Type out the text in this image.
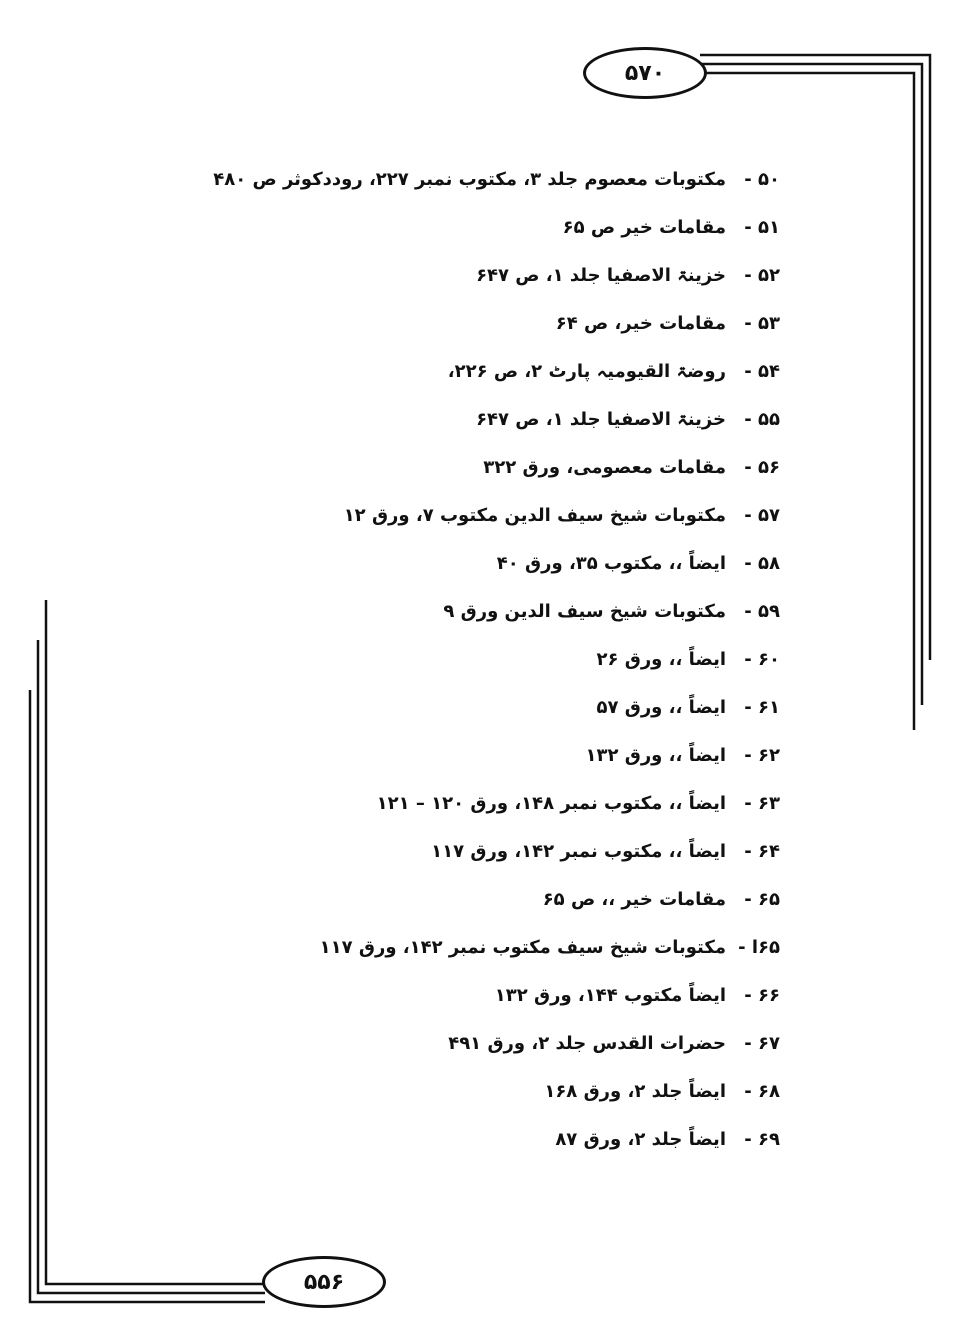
۵۷۰
۵۵۶
۵۰ -مکتوبات معصوم جلد ۳، مکتوب نمبر ۲۲۷، روددکوثر ص ۴۸۰
۵۱ -مقامات خیر ص ۶۵
۵۲ -خزینۃ الاصفیا جلد ۱، ص ۶۴۷
۵۳ -مقامات خیر، ص ۶۴
۵۴ -روضۃ القیومیہ پارٹ ۲، ص ۲۲۶،
۵۵ -خزینۃ الاصفیا جلد ۱، ص ۶۴۷
۵۶ -مقامات معصومی، ورق ۳۲۲
۵۷ -مکتوبات شیخ سیف الدین مکتوب ۷، ورق ۱۲
۵۸ -ایضاً ،، مکتوب ۳۵، ورق ۴۰
۵۹ -مکتوبات شیخ سیف الدین ورق ۹
۶۰ -ایضاً ،، ورق ۲۶
۶۱ -ایضاً ،، ورق ۵۷
۶۲ -ایضاً ،، ورق ۱۳۲
۶۳ -ایضاً ،، مکتوب نمبر ۱۴۸، ورق ۱۲۰ – ۱۲۱
۶۴ -ایضاً ،، مکتوب نمبر ۱۴۲، ورق ۱۱۷
۶۵ -مقامات خیر ،، ص ۶۵
۶۵ا -مکتوبات شیخ سیف مکتوب نمبر ۱۴۲، ورق ۱۱۷
۶۶ -ایضاً مکتوب ۱۴۴، ورق ۱۳۲
۶۷ -حضرات القدس جلد ۲، ورق ۴۹۱
۶۸ -ایضاً جلد ۲، ورق ۱۶۸
۶۹ -ایضاً جلد ۲، ورق ۸۷
